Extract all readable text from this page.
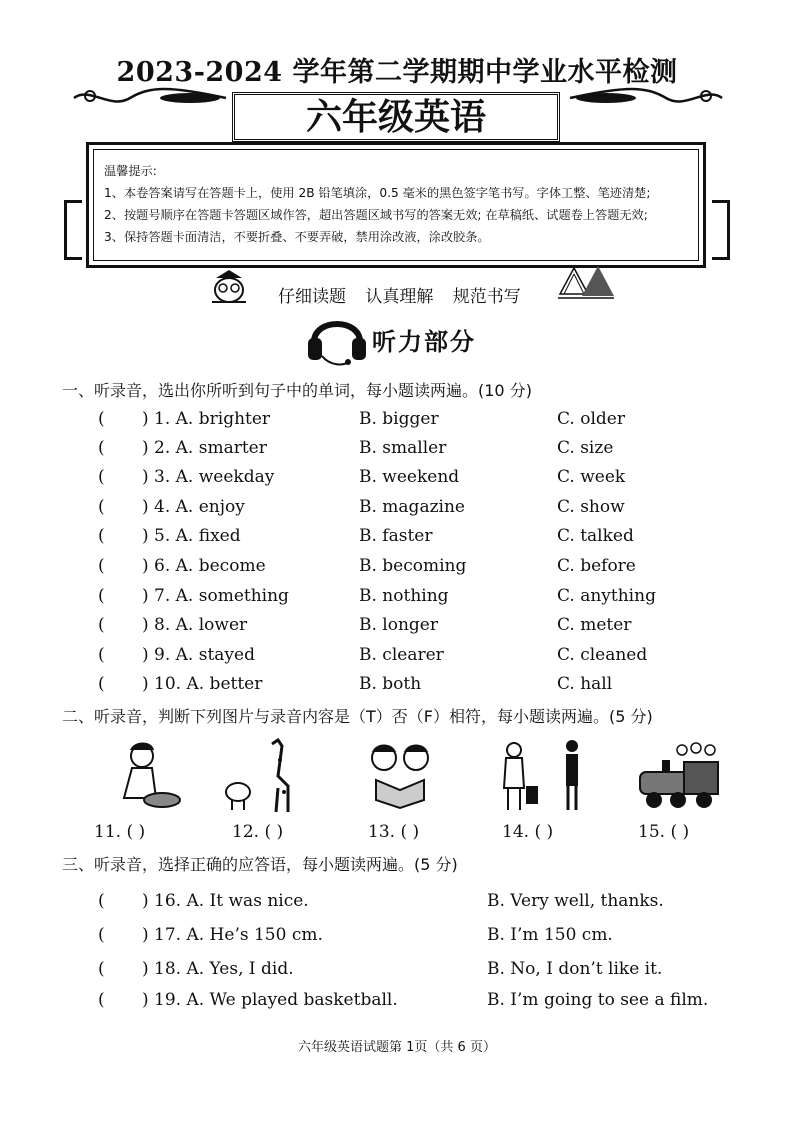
2023-2024 学年第二学期期中学业水平检测
六年级英语
温馨提示:
1、本卷答案请写在答题卡上，使用 2B 铅笔填涂，0.5 毫米的黑色签字笔书写。字体工整、笔迹清楚;
2、按题号顺序在答题卡答题区域作答，超出答题区域书写的答案无效; 在草稿纸、试题卷上答题无效;
3、保持答题卡面清洁，不要折叠、不要弄破，禁用涂改液，涂改胶条。
仔细读题 认真理解 规范书写
听力部分
一、听录音，选出你所听到句子中的单词，每小题读两遍。(10 分)
( ) 1. A. brighter	B. bigger	C. older
( ) 2. A. smarter	B. smaller	C. size
( ) 3. A. weekday	B. weekend	C. week
( ) 4. A. enjoy	B. magazine	C. show
( ) 5. A. fixed	B. faster	C. talked
( ) 6. A. become	B. becoming	C. before
( ) 7. A. something	B. nothing	C. anything
( ) 8. A. lower	B. longer	C. meter
( ) 9. A. stayed	B. clearer	C. cleaned
( ) 10. A. better	B. both	C. hall
二、听录音，判断下列图片与录音内容是（T）否（F）相符，每小题读两遍。(5 分)
11. ( )	12. ( )	13. ( )	14. ( )	15. ( )
三、听录音，选择正确的应答语，每小题读两遍。(5 分)
( ) 16. A. It was nice.	B. Very well, thanks.
( ) 17. A. He’s 150 cm.	B. I’m 150 cm.
( ) 18. A. Yes, I did.	B. No, I don’t like it.
( ) 19. A. We played basketball.	B. I’m going to see a film.
六年级英语试题第 1页（共 6 页）
